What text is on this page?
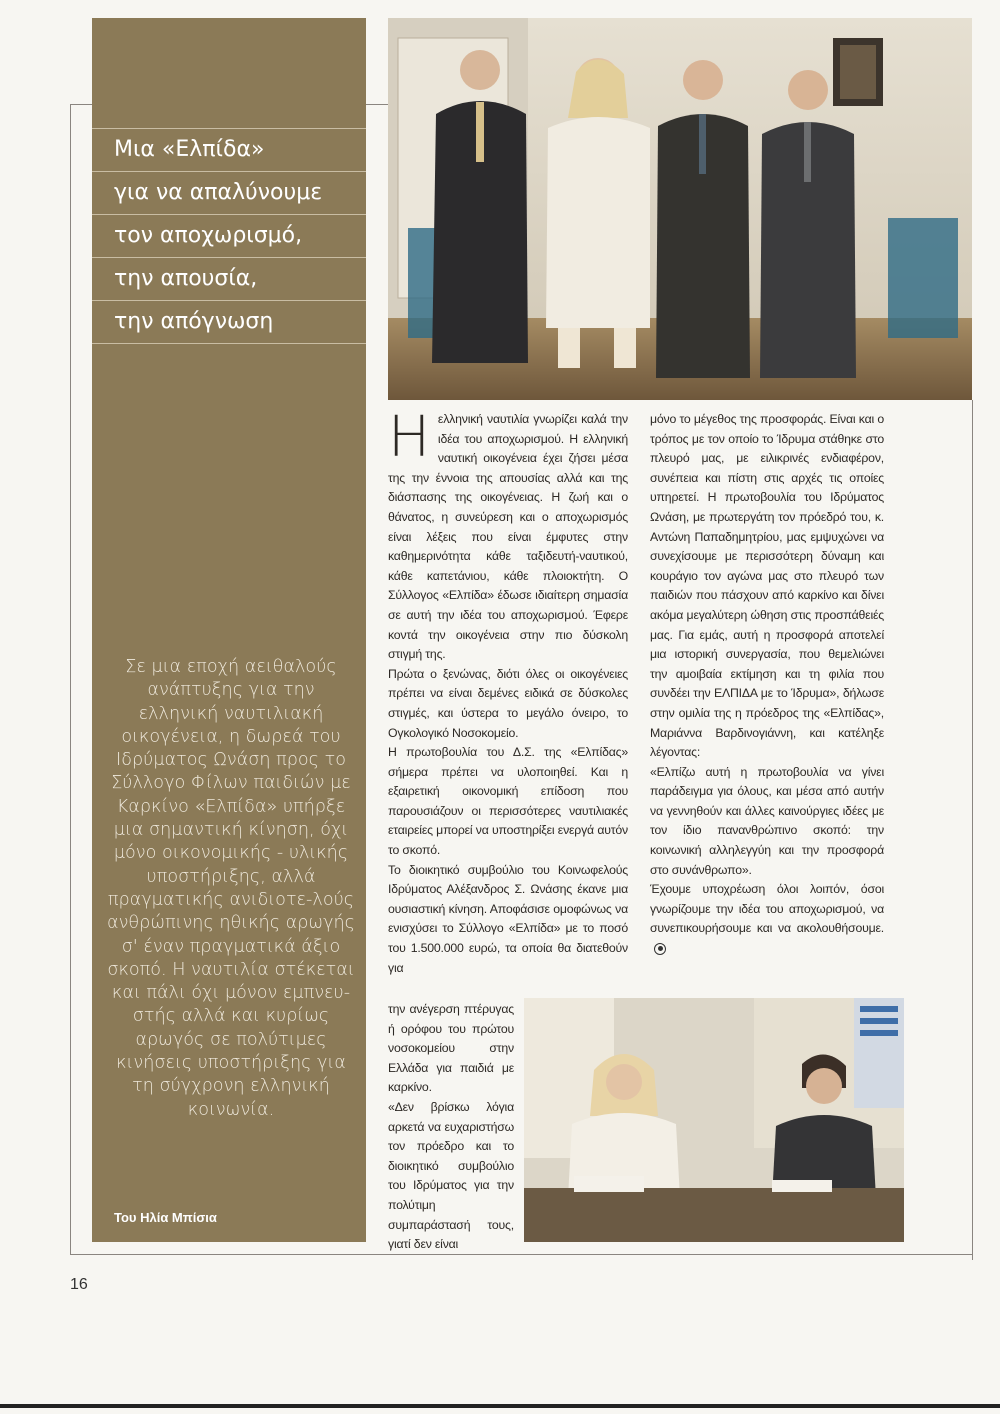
Μια «Ελπίδα»
για να απαλύνουμε
τον αποχωρισμό,
την απουσία,
την απόγνωση
Σε μια εποχή αειθαλούς ανάπτυξης για την ελληνική ναυτιλιακή οικογένεια, η δωρεά του Ιδρύματος Ωνάση προς το Σύλλογο Φίλων παιδιών με Καρκίνο «Ελπίδα» υπήρξε μια σημαντική κίνηση, όχι μόνο οικονομικής - υλικής υποστήριξης, αλλά πραγματικής ανιδιοτε-λούς ανθρώπινης ηθικής αρωγής σ' έναν πραγματικά άξιο σκοπό. Η ναυτιλία στέκεται και πάλι όχι μόνον εμπνευ-στής αλλά και κυρίως αρωγός σε πολύτιμες κινήσεις υποστήριξης για τη σύγχρονη ελληνική κοινωνία.
Του Ηλία Μπίσια
Η ελληνική ναυτιλία γνωρίζει καλά την ιδέα του αποχωρισμού. Η ελληνική ναυτική οικογένεια έχει ζήσει μέσα της την έννοια της απουσίας αλλά και της διάσπασης της οικογένειας. Η ζωή και ο θάνατος, η συνεύρεση και ο αποχωρισμός είναι λέξεις που είναι έμφυτες στην καθημερινότητα κάθε ταξιδευτή-ναυτικού, κάθε καπετάνιου, κάθε πλοιοκτήτη. Ο Σύλλογος «Ελπίδα» έδωσε ιδιαίτερη σημασία σε αυτή την ιδέα του αποχωρισμού. Έφερε κοντά την οικογένεια στην πιο δύσκολη στιγμή της.

Πρώτα ο ξενώνας, διότι όλες οι οικογένειες πρέπει να είναι δεμένες ειδικά σε δύσκολες στιγμές, και ύστερα το μεγάλο όνειρο, το Ογκολογικό Νοσοκομείο.

Η πρωτοβουλία του Δ.Σ. της «Ελπίδας» σήμερα πρέπει να υλοποιηθεί. Και η εξαιρετική οικονομική επίδοση που παρουσιάζουν οι περισσότερες ναυτιλιακές εταιρείες μπορεί να υποστηρίξει ενεργά αυτόν το σκοπό.

Το διοικητικό συμβούλιο του Κοινωφελούς Ιδρύματος Αλέξανδρος Σ. Ωνάσης έκανε μια ουσιαστική κίνηση. Αποφάσισε ομοφώνως να ενισχύσει το Σύλλογο «Ελπίδα» με το ποσό του 1.500.000 ευρώ, τα οποία θα διατεθούν για

την ανέγερση πτέρυγας ή ορόφου του πρώτου νοσοκομείου στην Ελλάδα για παιδιά με καρκίνο.

«Δεν βρίσκω λόγια αρκετά να ευχαριστήσω τον πρόεδρο και το διοικητικό συμβούλιο του Ιδρύματος για την πολύτιμη συμπαράστασή τους, γιατί δεν είναι

μόνο το μέγεθος της προσφοράς. Είναι και ο τρόπος με τον οποίο το Ίδρυμα στάθηκε στο πλευρό μας, με ειλικρινές ενδιαφέρον, συνέπεια και πίστη στις αρχές τις οποίες υπηρετεί. Η πρωτοβουλία του Ιδρύματος Ωνάση, με πρωτεργάτη τον πρόεδρό του, κ. Αντώνη Παπαδημητρίου, μας εμψυχώνει να συνεχίσουμε με περισσότερη δύναμη και κουράγιο τον αγώνα μας στο πλευρό των παιδιών που πάσχουν από καρκίνο και δίνει ακόμα μεγαλύτερη ώθηση στις προσπάθειές μας. Για εμάς, αυτή η προσφορά αποτελεί μια ιστορική συνεργασία, που θεμελιώνει την αμοιβαία εκτίμηση και τη φιλία που συνδέει την ΕΛΠΙΔΑ με το Ίδρυμα», δήλωσε στην ομιλία της η πρόεδρος της «Ελπίδας», Μαριάννα Βαρδινογιάννη, και κατέληξε λέγοντας:

«Ελπίζω αυτή η πρωτοβουλία να γίνει παράδειγμα για όλους, και μέσα από αυτήν να γεννηθούν και άλλες καινούργιες ιδέες με τον ίδιο πανανθρώπινο σκοπό: την κοινωνική αλληλεγγύη και την προσφορά στο συνάνθρωπο».

Έχουμε υποχρέωση όλοι λοιπόν, όσοι γνωρίζουμε την ιδέα του αποχωρισμού, να συνεπικουρήσουμε και να ακολουθήσουμε.

16
